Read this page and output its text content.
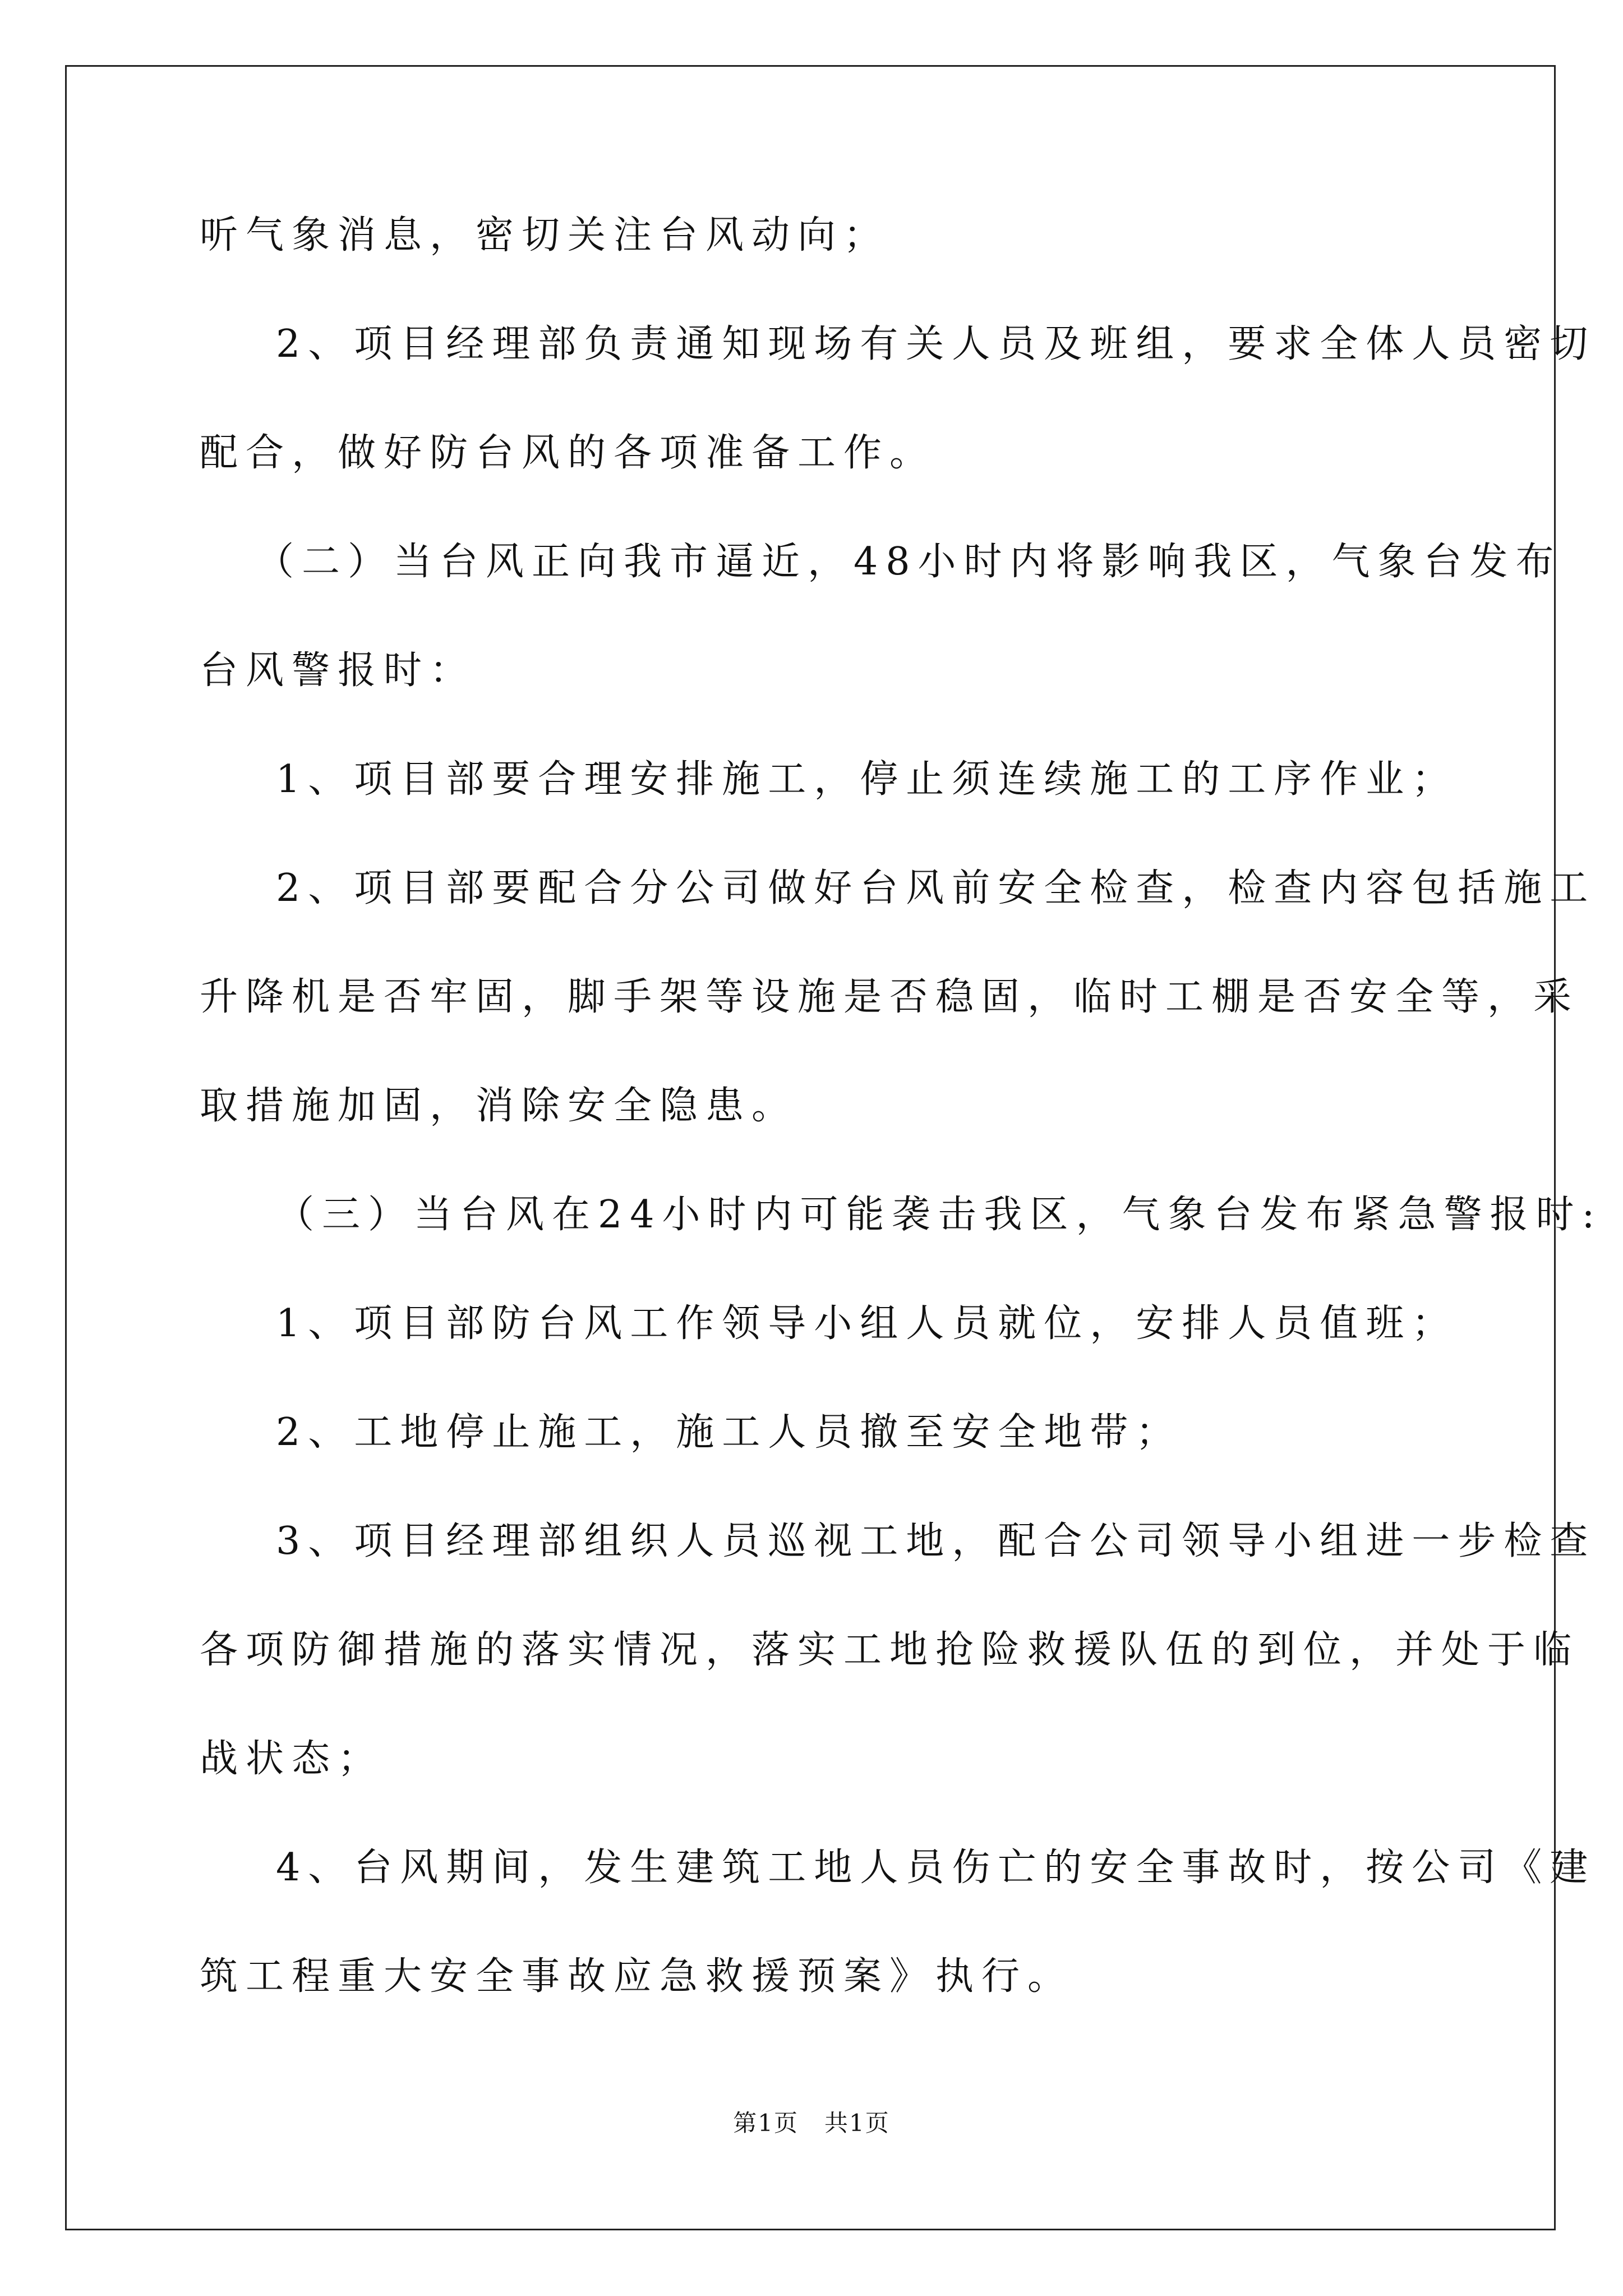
听气象消息，密切关注台风动向；
2、项目经理部负责通知现场有关人员及班组，要求全体人员密切
配合，做好防台风的各项准备工作。
（二）当台风正向我市逼近，48小时内将影响我区，气象台发布
台风警报时：
1、项目部要合理安排施工，停止须连续施工的工序作业；
2、项目部要配合分公司做好台风前安全检查，检查内容包括施工
升降机是否牢固，脚手架等设施是否稳固，临时工棚是否安全等，采
取措施加固，消除安全隐患。
（三）当台风在24小时内可能袭击我区，气象台发布紧急警报时:
1、项目部防台风工作领导小组人员就位，安排人员值班；
2、工地停止施工，施工人员撤至安全地带；
3、项目经理部组织人员巡视工地，配合公司领导小组进一步检查
各项防御措施的落实情况，落实工地抢险救援队伍的到位，并处于临
战状态；
4、台风期间，发生建筑工地人员伤亡的安全事故时，按公司《建
筑工程重大安全事故应急救援预案》执行。
第1页 共1页
